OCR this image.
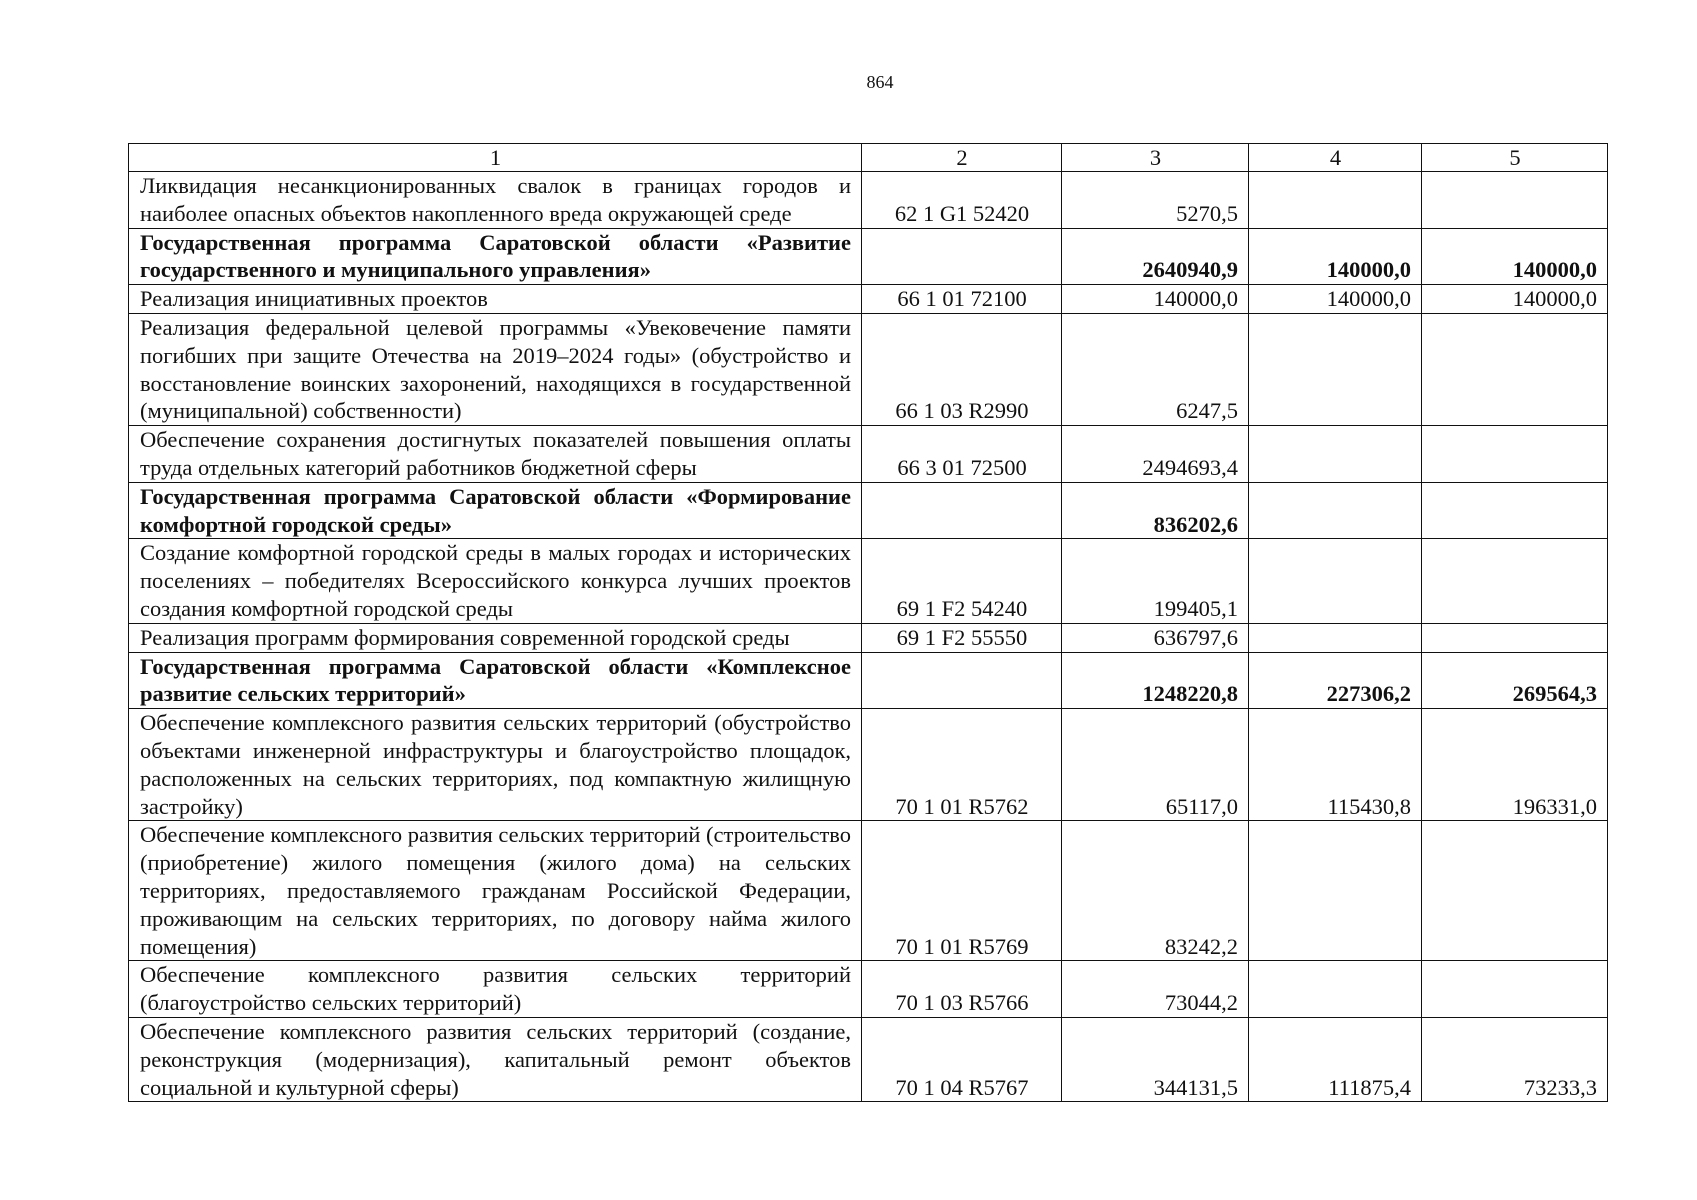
864
1	2	3	4	5
Ликвидация несанкционированных свалок в границах городов и наиболее опасных объектов накопленного вреда окружающей среде	62 1 G1 52420	5270,5		
Государственная программа Саратовской области «Развитие государственного и муниципального управления»		2640940,9	140000,0	140000,0
Реализация инициативных проектов	66 1 01 72100	140000,0	140000,0	140000,0
Реализация федеральной целевой программы «Увековечение памяти погибших при защите Отечества на 2019–2024 годы» (обустройство и восстановление воинских захоронений, находящихся в государственной (муниципальной) собственности)	66 1 03 R2990	6247,5		
Обеспечение сохранения достигнутых показателей повышения оплаты труда отдельных категорий работников бюджетной сферы	66 3 01 72500	2494693,4		
Государственная программа Саратовской области «Формирование комфортной городской среды»		836202,6		
Создание комфортной городской среды в малых городах и исторических поселениях – победителях Всероссийского конкурса лучших проектов создания комфортной городской среды	69 1 F2 54240	199405,1		
Реализация программ формирования современной городской среды	69 1 F2 55550	636797,6		
Государственная программа Саратовской области «Комплексное развитие сельских территорий»		1248220,8	227306,2	269564,3
Обеспечение комплексного развития сельских территорий (обустройство объектами инженерной инфраструктуры и благоустройство площадок, расположенных на сельских территориях, под компактную жилищную застройку)	70 1 01 R5762	65117,0	115430,8	196331,0
Обеспечение комплексного развития сельских территорий (строительство (приобретение) жилого помещения (жилого дома) на сельских территориях, предоставляемого гражданам Российской Федерации, проживающим на сельских территориях, по договору найма жилого помещения)	70 1 01 R5769	83242,2		
Обеспечение комплексного развития сельских территорий (благоустройство сельских территорий)	70 1 03 R5766	73044,2		
Обеспечение комплексного развития сельских территорий (создание, реконструкция (модернизация), капитальный ремонт объектов социальной и культурной сферы)	70 1 04 R5767	344131,5	111875,4	73233,3
